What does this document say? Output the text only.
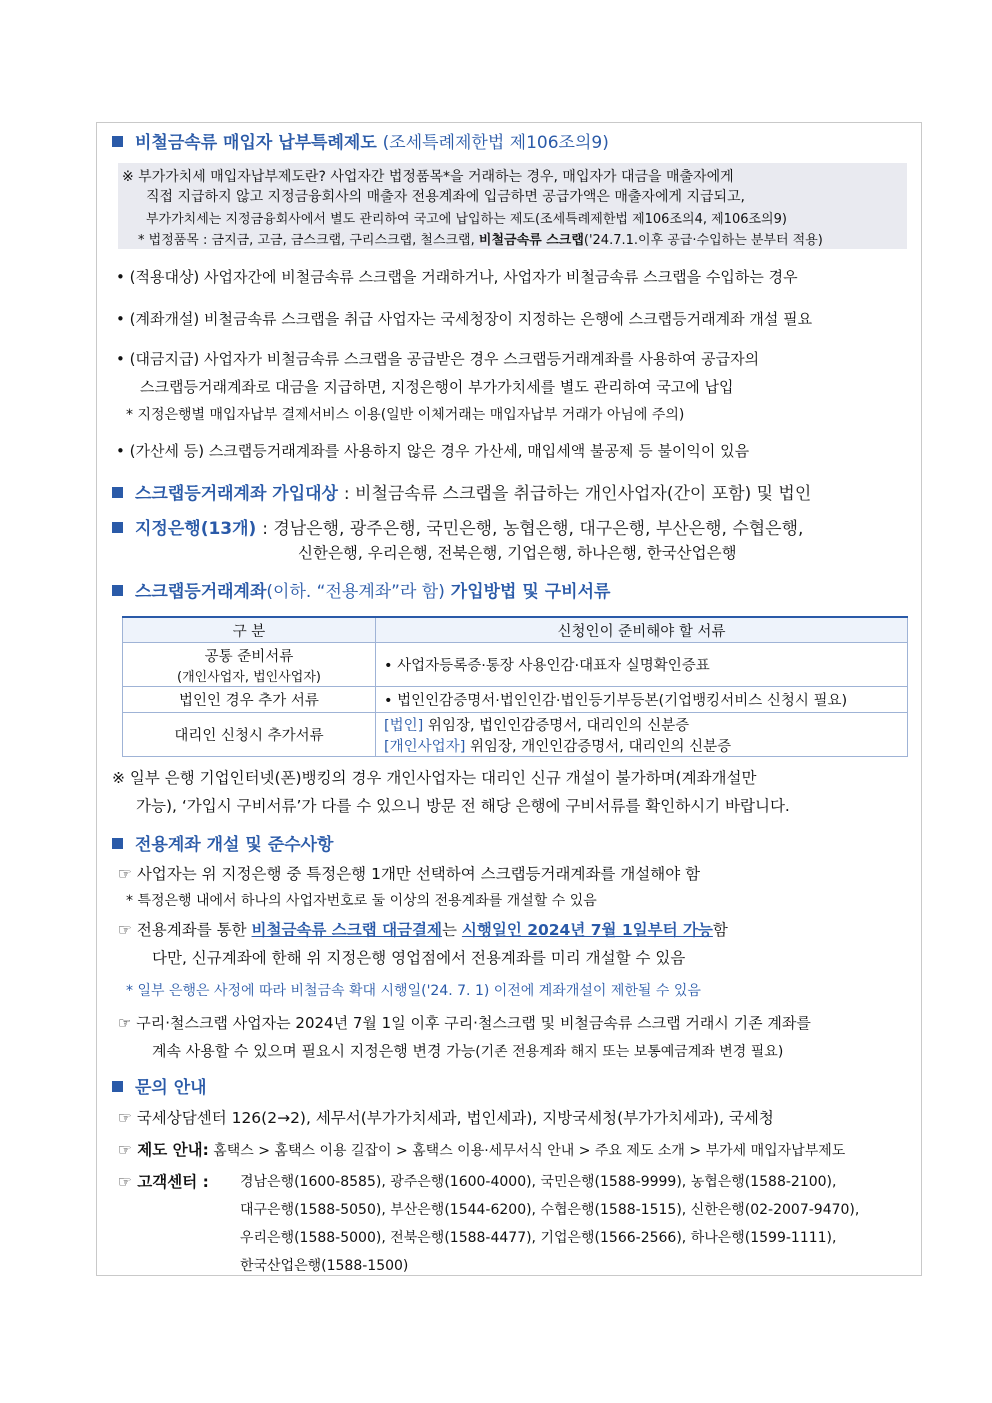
비철금속류 매입자 납부특례제도 (조세특례제한법 제106조의9)
※ 부가가치세 매입자납부제도란? 사업자간 법정품목*을 거래하는 경우, 매입자가 대금을 매출자에게
직접 지급하지 않고 지정금융회사의 매출자 전용계좌에 입금하면 공급가액은 매출자에게 지급되고,
부가가치세는 지정금융회사에서 별도 관리하여 국고에 납입하는 제도(조세특례제한법 제106조의4, 제106조의9)
* 법정품목 : 금지금, 고금, 금스크랩, 구리스크랩, 철스크랩, 비철금속류 스크랩('24.7.1.이후 공급·수입하는 분부터 적용)
• (적용대상) 사업자간에 비철금속류 스크랩을 거래하거나, 사업자가 비철금속류 스크랩을 수입하는 경우
• (계좌개설) 비철금속류 스크랩을 취급 사업자는 국세청장이 지정하는 은행에 스크랩등거래계좌 개설 필요
• (대금지급) 사업자가 비철금속류 스크랩을 공급받은 경우 스크랩등거래계좌를 사용하여 공급자의
스크랩등거래계좌로 대금을 지급하면, 지정은행이 부가가치세를 별도 관리하여 국고에 납입
* 지정은행별 매입자납부 결제서비스 이용(일반 이체거래는 매입자납부 거래가 아님에 주의)
• (가산세 등) 스크랩등거래계좌를 사용하지 않은 경우 가산세, 매입세액 불공제 등 불이익이 있음
스크랩등거래계좌 가입대상 : 비철금속류 스크랩을 취급하는 개인사업자(간이 포함) 및 법인
지정은행(13개) : 경남은행, 광주은행, 국민은행, 농협은행, 대구은행, 부산은행, 수협은행,
신한은행, 우리은행, 전북은행, 기업은행, 하나은행, 한국산업은행
스크랩등거래계좌(이하. “전용계좌”라 함) 가입방법 및 구비서류
구 분	신청인이 준비해야 할 서류

공통 준비서류
(개인사업자, 법인사업자)	• 사업자등록증·통장 사용인감·대표자 실명확인증표
법인인 경우 추가 서류	• 법인인감증명서·법인인감·법인등기부등본(기업뱅킹서비스 신청시 필요)
대리인 신청시 추가서류	[법인] 위임장, 법인인감증명서, 대리인의 신분증
[개인사업자] 위임장, 개인인감증명서, 대리인의 신분증
※ 일부 은행 기업인터넷(폰)뱅킹의 경우 개인사업자는 대리인 신규 개설이 불가하며(계좌개설만
가능), ‘가입시 구비서류’가 다를 수 있으니 방문 전 해당 은행에 구비서류를 확인하시기 바랍니다.
전용계좌 개설 및 준수사항
☞ 사업자는 위 지정은행 중 특정은행 1개만 선택하여 스크랩등거래계좌를 개설해야 함
* 특정은행 내에서 하나의 사업자번호로 둘 이상의 전용계좌를 개설할 수 있음
☞ 전용계좌를 통한 비철금속류 스크랩 대금결제는 시행일인 2024년 7월 1일부터 가능함
다만, 신규계좌에 한해 위 지정은행 영업점에서 전용계좌를 미리 개설할 수 있음
* 일부 은행은 사정에 따라 비철금속 확대 시행일('24. 7. 1) 이전에 계좌개설이 제한될 수 있음
☞ 구리·철스크랩 사업자는 2024년 7월 1일 이후 구리·철스크랩 및 비철금속류 스크랩 거래시 기존 계좌를
계속 사용할 수 있으며 필요시 지정은행 변경 가능(기존 전용계좌 해지 또는 보통예금계좌 변경 필요)
문의 안내
☞ 국세상담센터 126(2→2), 세무서(부가가치세과, 법인세과), 지방국세청(부가가치세과), 국세청
☞ 제도 안내: 홈택스 > 홈택스 이용 길잡이 > 홈택스 이용·세무서식 안내 > 주요 제도 소개 > 부가세 매입자납부제도
☞ 고객센터 : 경남은행(1600-8585), 광주은행(1600-4000), 국민은행(1588-9999), 농협은행(1588-2100),
대구은행(1588-5050), 부산은행(1544-6200), 수협은행(1588-1515), 신한은행(02-2007-9470),
우리은행(1588-5000), 전북은행(1588-4477), 기업은행(1566-2566), 하나은행(1599-1111),
한국산업은행(1588-1500)
